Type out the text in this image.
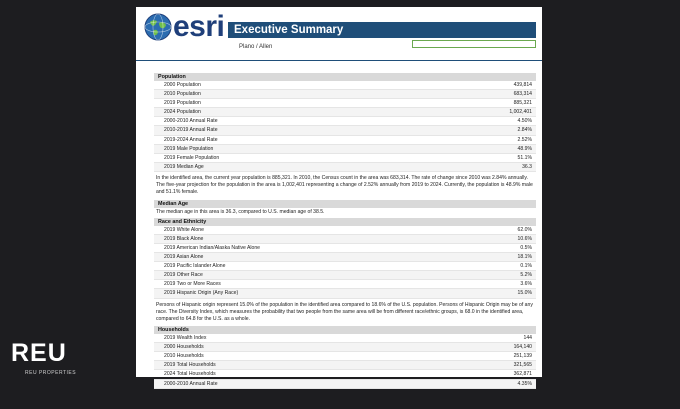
esri Executive Summary
Plano / Allen
Population
2000 Population	439,814
2010 Population	683,314
2019 Population	885,321
2024 Population	1,002,401
2000-2010 Annual Rate	4.50%
2010-2019 Annual Rate	2.84%
2019-2024 Annual Rate	2.52%
2019 Male Population	48.9%
2019 Female Population	51.1%
2019 Median Age	36.3
In the identified area, the current year population is 885,321. In 2010, the Census count in the area was 683,314. The rate of change since 2010 was 2.84% annually. The five-year projection for the population in the area is 1,002,401 representing a change of 2.52% annually from 2019 to 2024. Currently, the population is 48.9% male and 51.1% female.
Median Age
The median age in this area is 36.3, compared to U.S. median age of 38.5.
Race and Ethnicity
2019 White Alone	62.0%
2019 Black Alone	10.6%
2019 American Indian/Alaska Native Alone	0.5%
2019 Asian Alone	18.1%
2019 Pacific Islander Alone	0.1%
2019 Other Race	5.2%
2019 Two or More Races	3.6%
2019 Hispanic Origin (Any Race)	15.0%
Persons of Hispanic origin represent 15.0% of the population in the identified area compared to 18.6% of the U.S. population. Persons of Hispanic Origin may be of any race. The Diversity Index, which measures the probability that two people from the same area will be from different race/ethnic groups, is 68.0 in the identified area, compared to 64.8 for the U.S. as a whole.
Households
2019 Wealth Index	144
2000 Households	164,140
2010 Households	251,139
2019 Total Households	321,565
2024 Total Households	362,871
2000-2010 Annual Rate	4.35%
REU
REU PROPERTIES
